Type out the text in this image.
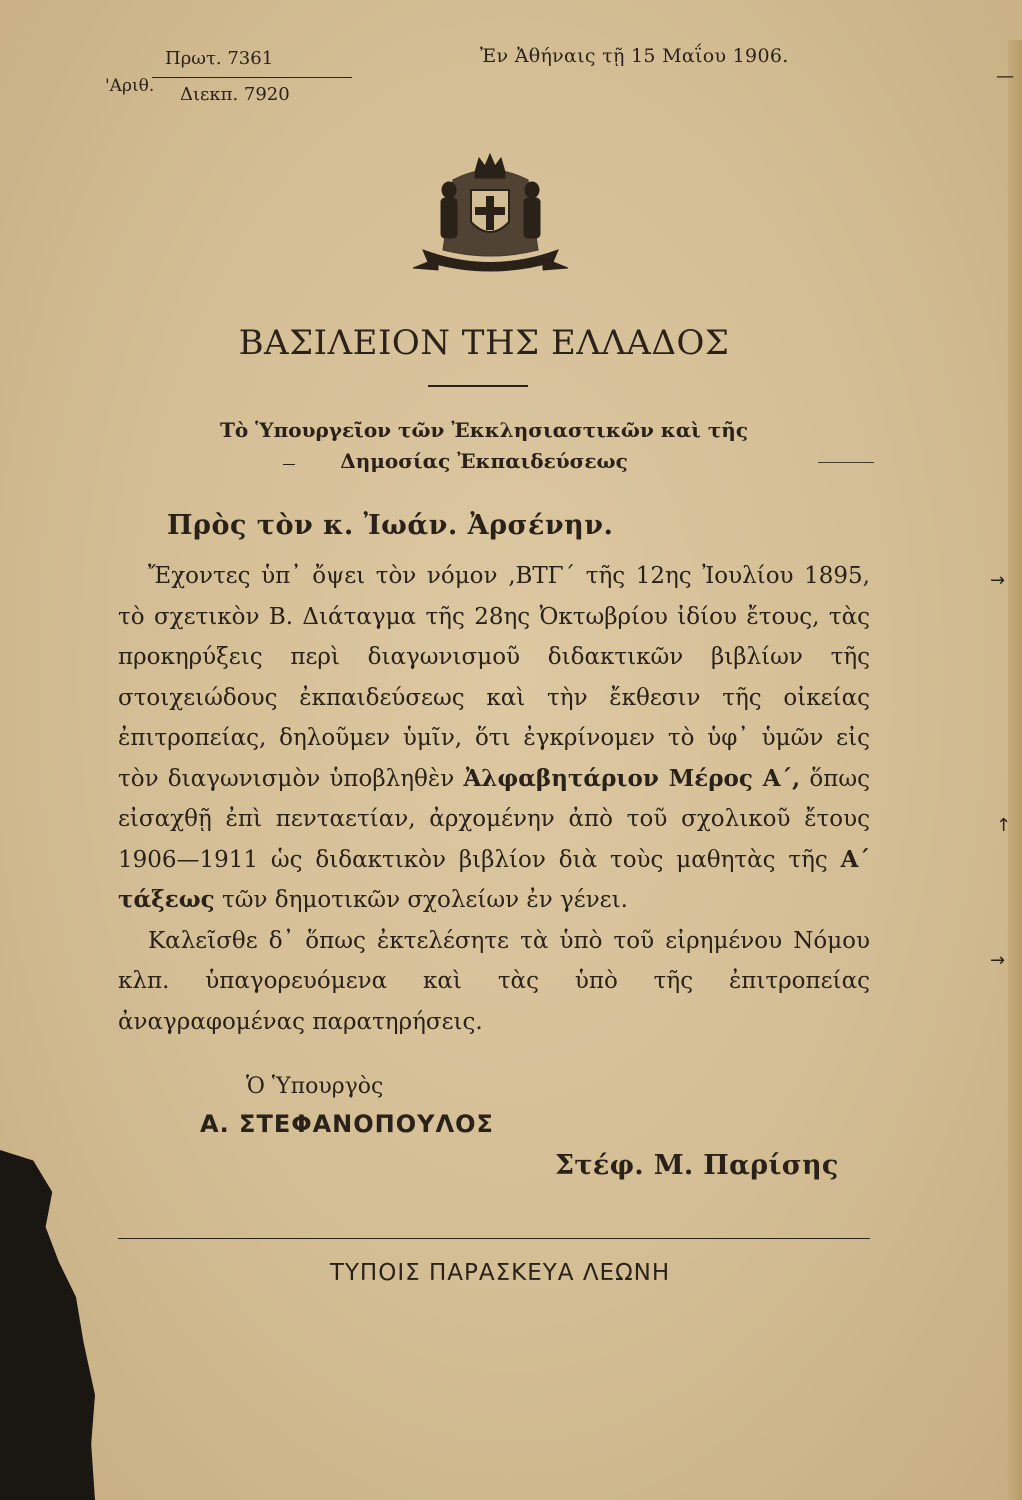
'Αριθ.
Πρωτ. 7361
Διεκπ. 7920
Ἐν Ἀθήναις τῇ 15 Μαΐου 1906.
ΒΑΣΙΛΕΙΟΝ ΤΗΣ ΕΛΛΑΔΟΣ
Τὸ Ὑπουργεῖον τῶν Ἐκκλησιαστικῶν καὶ τῆς
Δημοσίας Ἐκπαιδεύσεως
Πρὸς τὸν κ. Ἰωάν. Ἀρσένην.

Ἔχοντες ὑπ᾿ ὄψει τὸν νόμον ‚ΒΤΓ΄ τῆς 12ης Ἰουλίου 1895, τὸ σχετικὸν Β. Διάταγμα τῆς 28ης Ὀκτωβρίου ἰδίου ἔτους, τὰς προκηρύξεις περὶ διαγωνισμοῦ διδακτικῶν βιβλίων τῆς στοιχειώδους ἐκπαιδεύσεως καὶ τὴν ἔκθεσιν τῆς οἰκείας ἐπιτροπείας, δηλοῦμεν ὑμῖν, ὅτι ἐγκρίνομεν τὸ ὑφ᾿ ὑμῶν εἰς τὸν διαγωνισμὸν ὑποβληθὲν Ἀλφαβητάριον Μέρος Α΄, ὅπως εἰσαχθῇ ἐπὶ πενταετίαν, ἀρχομένην ἀπὸ τοῦ σχολικοῦ ἔτους 1906—1911 ὡς διδακτικὸν βιβλίον διὰ τοὺς μαθητὰς τῆς Α΄ τάξεως τῶν δημοτικῶν σχολείων ἐν γένει.

Καλεῖσθε δ᾿ ὅπως ἐκτελέσητε τὰ ὑπὸ τοῦ εἰρημένου Νόμου κλπ. ὑπαγορευόμενα καὶ τὰς ὑπὸ τῆς ἐπιτροπείας ἀναγραφομένας παρατηρήσεις.

Ὁ Ὑπουργὸς
Α. ΣΤΕΦΑΝΟΠΟΥΛΟΣ
Στέφ. Μ. Παρίσης
ΤΥΠΟΙΣ ΠΑΡΑΣΚΕΥΑ ΛΕΩΝΗ
—
→
↑
→
